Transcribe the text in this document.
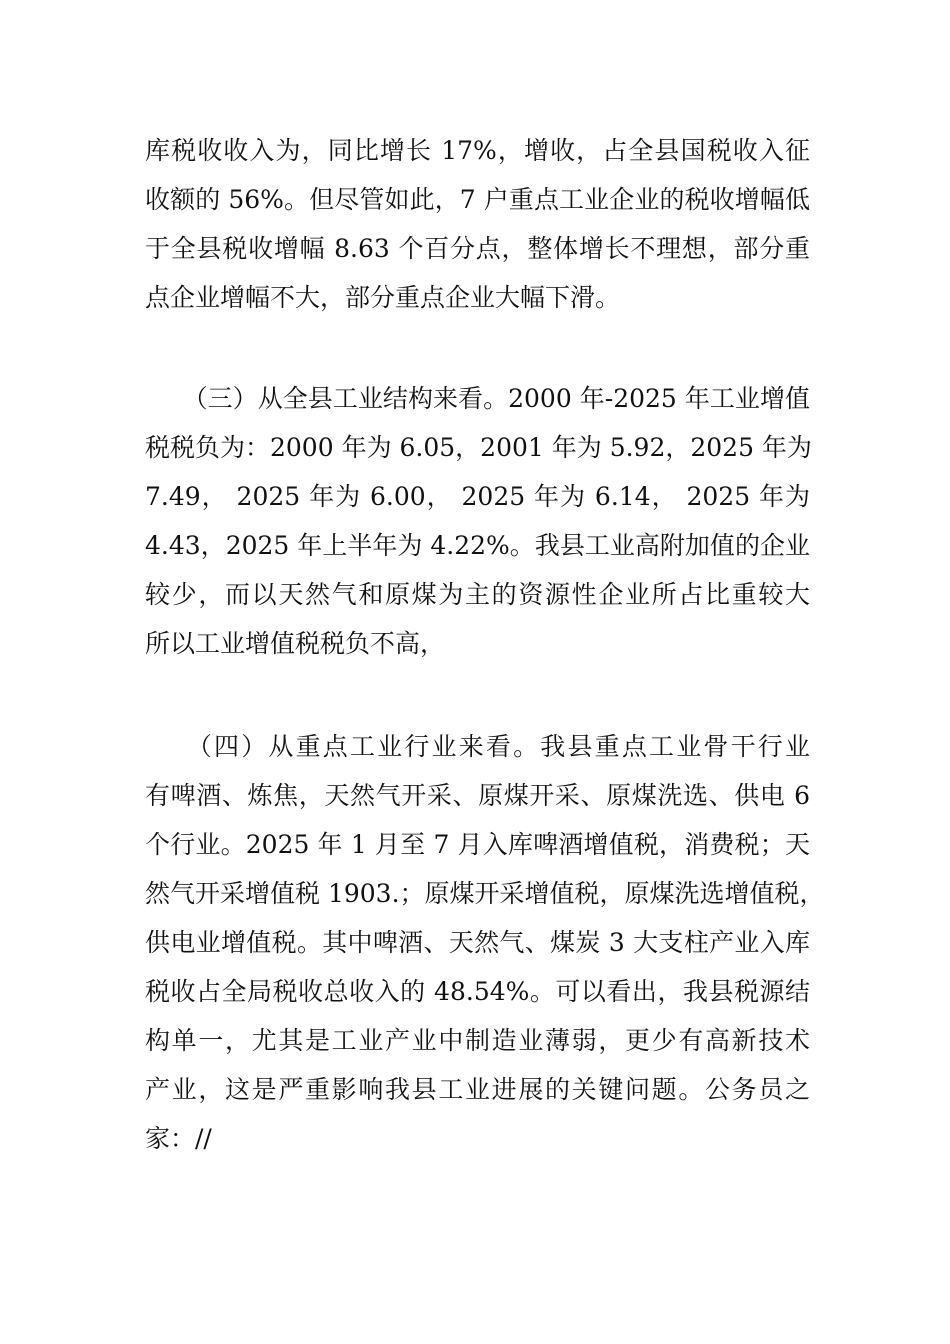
库税收收入为，同比增长 17%，增收，占全县国税收入征
收额的 56%。但尽管如此，7 户重点工业企业的税收增幅低
于全县税收增幅 8.63 个百分点，整体增长不理想，部分重
点企业增幅不大，部分重点企业大幅下滑。
　　（三）从全县工业结构来看。2000 年-2025 年工业增值
税税负为：2000 年为 6.05，2001 年为 5.92，2025 年为
7.49， 2025 年为 6.00， 2025 年为 6.14， 2025 年为
4.43，2025 年上半年为 4.22%。我县工业高附加值的企业
较少，而以天然气和原煤为主的资源性企业所占比重较大
所以工业增值税税负不高，
　　（四）从重点工业行业来看。我县重点工业骨干行业
有啤酒、炼焦，天然气开采、原煤开采、原煤洗选、供电 6
个行业。2025 年 1 月至 7 月入库啤酒增值税，消费税；天
然气开采增值税 1903.；原煤开采增值税，原煤洗选增值税，
供电业增值税。其中啤酒、天然气、煤炭 3 大支柱产业入库
税收占全局税收总收入的 48.54%。可以看出，我县税源结
构单一，尤其是工业产业中制造业薄弱，更少有高新技术
产业，这是严重影响我县工业进展的关键问题。公务员之
家：//
